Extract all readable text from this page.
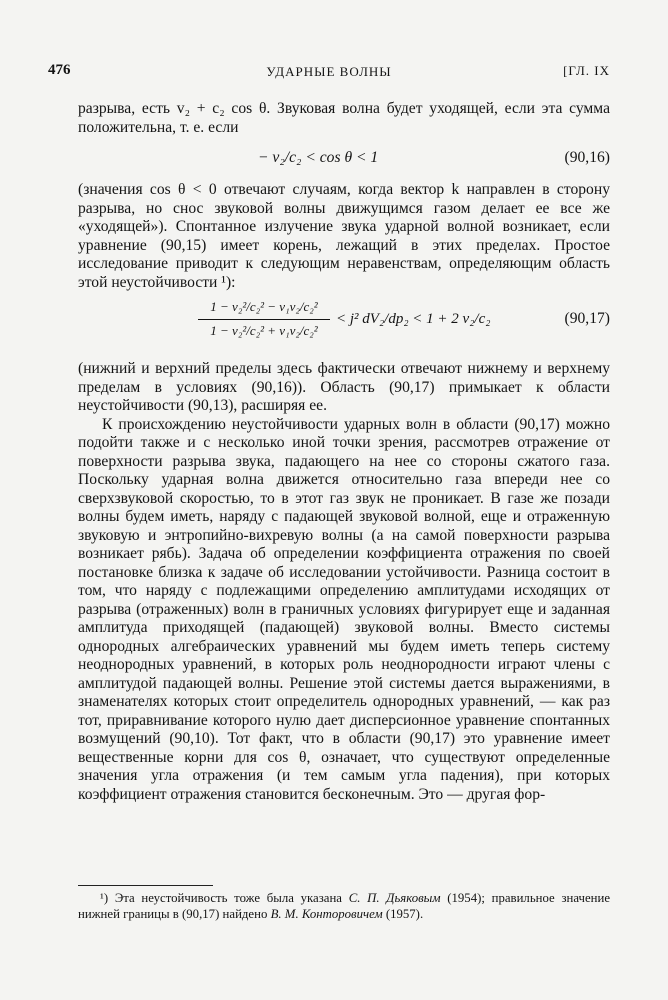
476	УДАРНЫЕ ВОЛНЫ	[ГЛ. IX

разрыва, есть v₂ + c₂ cos θ. Звуковая волна будет уходящей, если эта сумма положительна, т. е. если

− v₂/c₂ < cos θ < 1	(90,16)

(значения cos θ < 0 отвечают случаям, когда вектор k направлен в сторону разрыва, но снос звуковой волны движущимся газом делает ее все же «уходящей»). Спонтанное излучение звука ударной волной возникает, если уравнение (90,15) имеет корень, лежащий в этих пределах. Простое исследование приводит к следующим неравенствам, определяющим область этой неустойчивости ¹):

$\frac{\text{1 − v₂²/c₂² − v₁v₂/c₂²}}{\text{1 − v₂²/c₂² + v₁v₂/c₂²}} < j^2$ dV₂/dp₂ < 1 + 2 v₂/c₂	(90,17)

(нижний и верхний пределы здесь фактически отвечают нижнему и верхнему пределам в условиях (90,16)). Область (90,17) примыкает к области неустойчивости (90,13), расширяя ее.

К происхождению неустойчивости ударных волн в области (90,17) можно подойти также и с несколько иной точки зрения, рассмотрев отражение от поверхности разрыва звука, падающего на нее со стороны сжатого газа. Поскольку ударная волна движется относительно газа впереди нее со сверхзвуковой скоростью, то в этот газ звук не проникает. В газе же позади волны будем иметь, наряду с падающей звуковой волной, еще и отраженную звуковую и энтропийно-вихревую волны (а на самой поверхности разрыва возникает рябь). Задача об определении коэффициента отражения по своей постановке близка к задаче об исследовании устойчивости. Разница состоит в том, что наряду с подлежащими определению амплитудами исходящих от разрыва (отраженных) волн в граничных условиях фигурирует еще и заданная амплитуда приходящей (падающей) звуковой волны. Вместо системы однородных алгебраических уравнений мы будем иметь теперь систему неоднородных уравнений, в которых роль неоднородности играют члены с амплитудой падающей волны. Решение этой системы дается выражениями, в знаменателях которых стоит определитель однородных уравнений, — как раз тот, приравнивание которого нулю дает дисперсионное уравнение спонтанных возмущений (90,10). Тот факт, что в области (90,17) это уравнение имеет вещественные корни для cos θ, означает, что существуют определенные значения угла отражения (и тем самым угла падения), при которых коэффициент отражения становится бесконечным. Это — другая фор-

¹) Эта неустойчивость тоже была указана С. П. Дьяковым (1954); правильное значение нижней границы в (90,17) найдено В. М. Конторовичем (1957).
